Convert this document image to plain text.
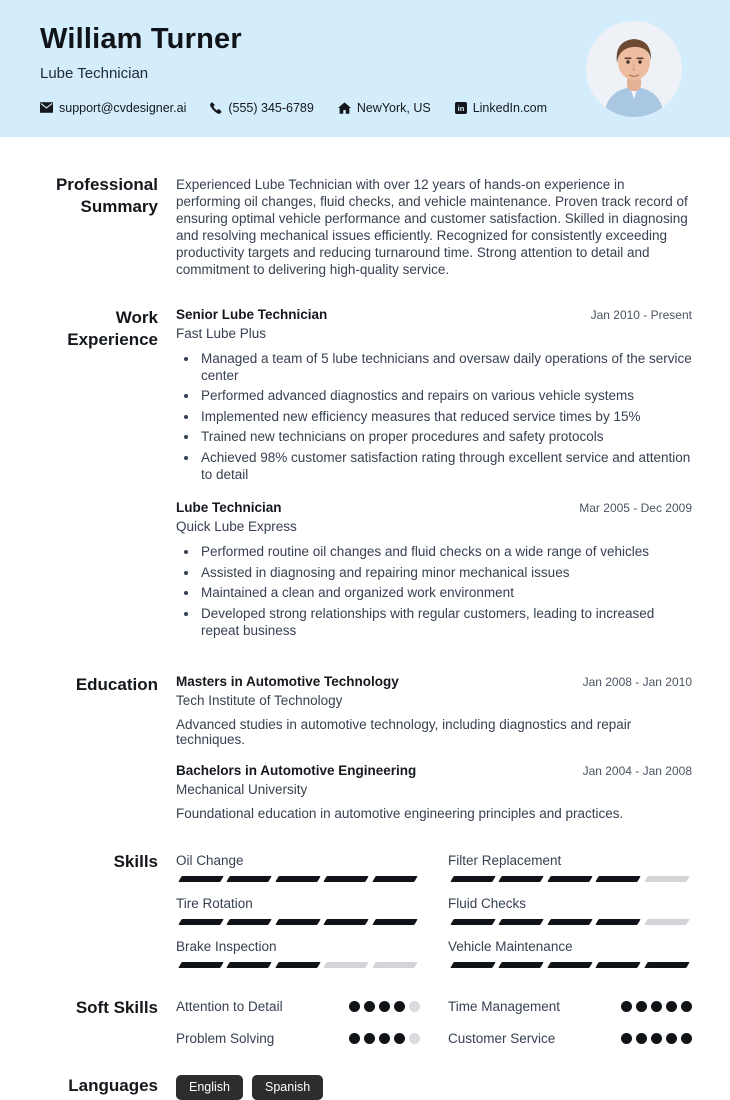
William Turner
Lube Technician
support@cvdesigner.ai	(555) 345-6789	NewYork, US	in LinkedIn.com
Professional Summary
Experienced Lube Technician with over 12 years of hands-on experience in performing oil changes, fluid checks, and vehicle maintenance. Proven track record of ensuring optimal vehicle performance and customer satisfaction. Skilled in diagnosing and resolving mechanical issues efficiently. Recognized for consistently exceeding productivity targets and reducing turnaround time. Strong attention to detail and commitment to delivering high-quality service.
Work Experience
Senior Lube Technician	Jan 2010 - Present
Fast Lube Plus
• Managed a team of 5 lube technicians and oversaw daily operations of the service center
• Performed advanced diagnostics and repairs on various vehicle systems
• Implemented new efficiency measures that reduced service times by 15%
• Trained new technicians on proper procedures and safety protocols
• Achieved 98% customer satisfaction rating through excellent service and attention to detail
Lube Technician	Mar 2005 - Dec 2009
Quick Lube Express
• Performed routine oil changes and fluid checks on a wide range of vehicles
• Assisted in diagnosing and repairing minor mechanical issues
• Maintained a clean and organized work environment
• Developed strong relationships with regular customers, leading to increased repeat business
Education Masters in Automotive Technology	Jan 2008 - Jan 2010
Tech Institute of Technology
Advanced studies in automotive technology, including diagnostics and repair techniques.
Bachelors in Automotive Engineering	Jan 2004 - Jan 2008
Mechanical University
Foundational education in automotive engineering principles and practices.
Skills Oil Change	Filter Replacement
Tire Rotation	Fluid Checks
Brake Inspection	Vehicle Maintenance
Soft Skills Attention to Detail	Time Management
Problem Solving	Customer Service
Languages	English	Spanish
